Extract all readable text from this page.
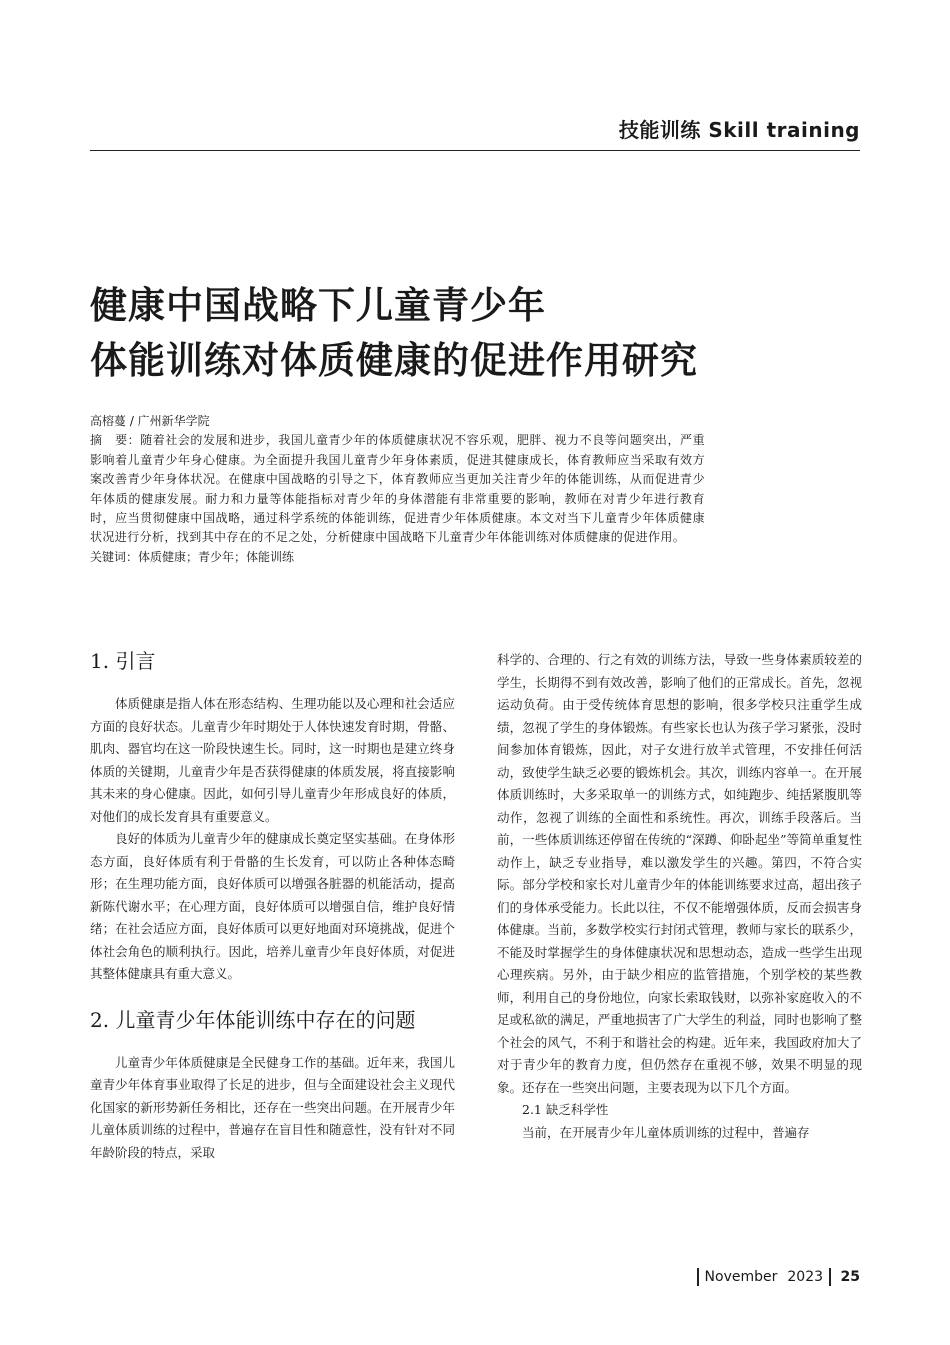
技能训练 Skill training
健康中国战略下儿童青少年
体能训练对体质健康的促进作用研究
高榕蔓 / 广州新华学院
摘　要：随着社会的发展和进步，我国儿童青少年的体质健康状况不容乐观，肥胖、视力不良等问题突出，严重影响着儿童青少年身心健康。为全面提升我国儿童青少年身体素质，促进其健康成长，体育教师应当采取有效方案改善青少年身体状况。在健康中国战略的引导之下，体育教师应当更加关注青少年的体能训练，从而促进青少年体质的健康发展。耐力和力量等体能指标对青少年的身体潜能有非常重要的影响，教师在对青少年进行教育时，应当贯彻健康中国战略，通过科学系统的体能训练，促进青少年体质健康。本文对当下儿童青少年体质健康状况进行分析，找到其中存在的不足之处，分析健康中国战略下儿童青少年体能训练对体质健康的促进作用。
关键词：体质健康；青少年；体能训练
1. 引言

体质健康是指人体在形态结构、生理功能以及心理和社会适应方面的良好状态。儿童青少年时期处于人体快速发育时期，骨骼、肌肉、器官均在这一阶段快速生长。同时，这一时期也是建立终身体质的关键期，儿童青少年是否获得健康的体质发展，将直接影响其未来的身心健康。因此，如何引导儿童青少年形成良好的体质，对他们的成长发育具有重要意义。

良好的体质为儿童青少年的健康成长奠定坚实基础。在身体形态方面，良好体质有利于骨骼的生长发育，可以防止各种体态畸形；在生理功能方面，良好体质可以增强各脏器的机能活动，提高新陈代谢水平；在心理方面，良好体质可以增强自信，维护良好情绪；在社会适应方面，良好体质可以更好地面对环境挑战，促进个体社会角色的顺利执行。因此，培养儿童青少年良好体质，对促进其整体健康具有重大意义。

2. 儿童青少年体能训练中存在的问题

儿童青少年体质健康是全民健身工作的基础。近年来，我国儿童青少年体育事业取得了长足的进步，但与全面建设社会主义现代化国家的新形势新任务相比，还存在一些突出问题。在开展青少年儿童体质训练的过程中，普遍存在盲目性和随意性，没有针对不同年龄阶段的特点，采取

科学的、合理的、行之有效的训练方法，导致一些身体素质较差的学生，长期得不到有效改善，影响了他们的正常成长。首先，忽视运动负荷。由于受传统体育思想的影响，很多学校只注重学生成绩，忽视了学生的身体锻炼。有些家长也认为孩子学习紧张，没时间参加体育锻炼，因此，对子女进行放羊式管理，不安排任何活动，致使学生缺乏必要的锻炼机会。其次，训练内容单一。在开展体质训练时，大多采取单一的训练方式，如纯跑步、纯括紧腹肌等动作，忽视了训练的全面性和系统性。再次，训练手段落后。当前，一些体质训练还停留在传统的“深蹲、仰卧起坐”等简单重复性动作上，缺乏专业指导，难以激发学生的兴趣。第四，不符合实际。部分学校和家长对儿童青少年的体能训练要求过高，超出孩子们的身体承受能力。长此以往，不仅不能增强体质，反而会损害身体健康。当前，多数学校实行封闭式管理，教师与家长的联系少，不能及时掌握学生的身体健康状况和思想动态，造成一些学生出现心理疾病。另外，由于缺少相应的监管措施，个别学校的某些教师，利用自己的身份地位，向家长索取钱财，以弥补家庭收入的不足或私欲的满足，严重地损害了广大学生的利益，同时也影响了整个社会的风气，不利于和谐社会的构建。近年来，我国政府加大了对于青少年的教育力度，但仍然存在重视不够，效果不明显的现象。还存在一些突出问题，主要表现为以下几个方面。

2.1 缺乏科学性

当前，在开展青少年儿童体质训练的过程中，普遍存

November 2023 25
